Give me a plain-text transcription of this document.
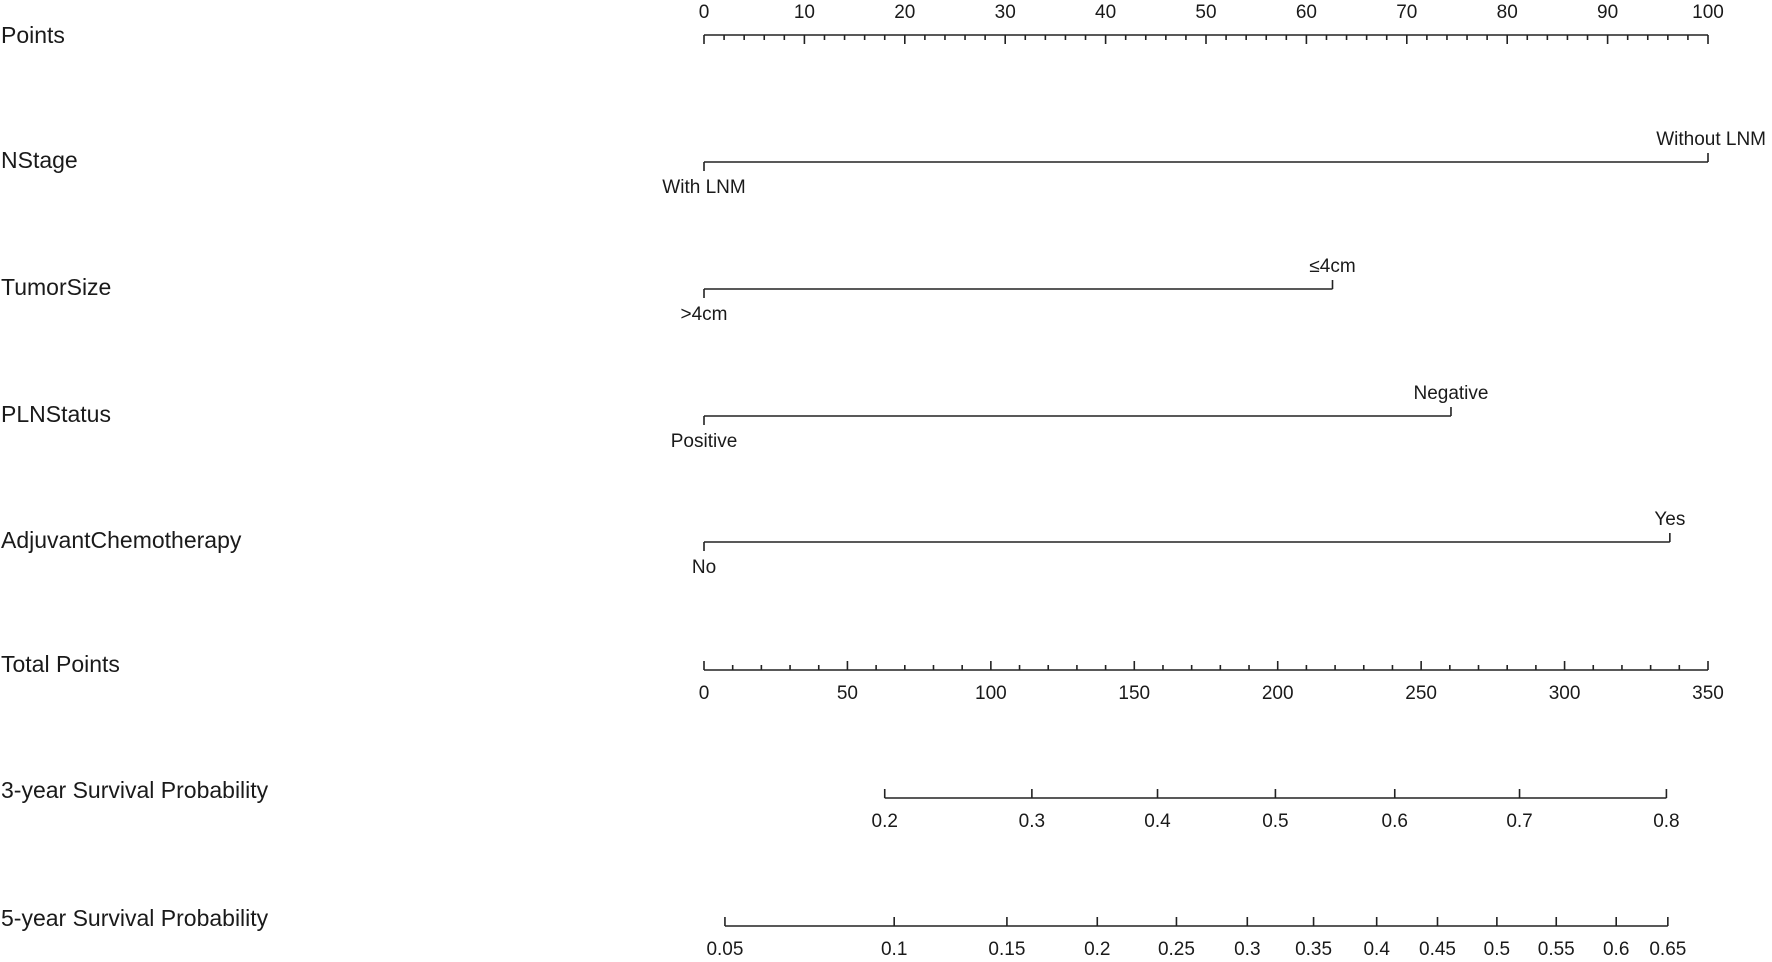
Points
0	10	20	30	40	50	60	70	80	90	100
NStage
With LNM
Without LNM
TumorSize
>4cm
≤4cm
PLNStatus
Positive
Negative
AdjuvantChemotherapy
No
Yes
Total Points
0	50	100	150	200	250	300	350
3-year Survival Probability
0.2	0.3	0.4	0.5	0.6	0.7	0.8
5-year Survival Probability
0.05	0.1	0.15	0.2 0.25 0.3 0.35 0.4 0.45 0.5 0.55 0.6 0.65
